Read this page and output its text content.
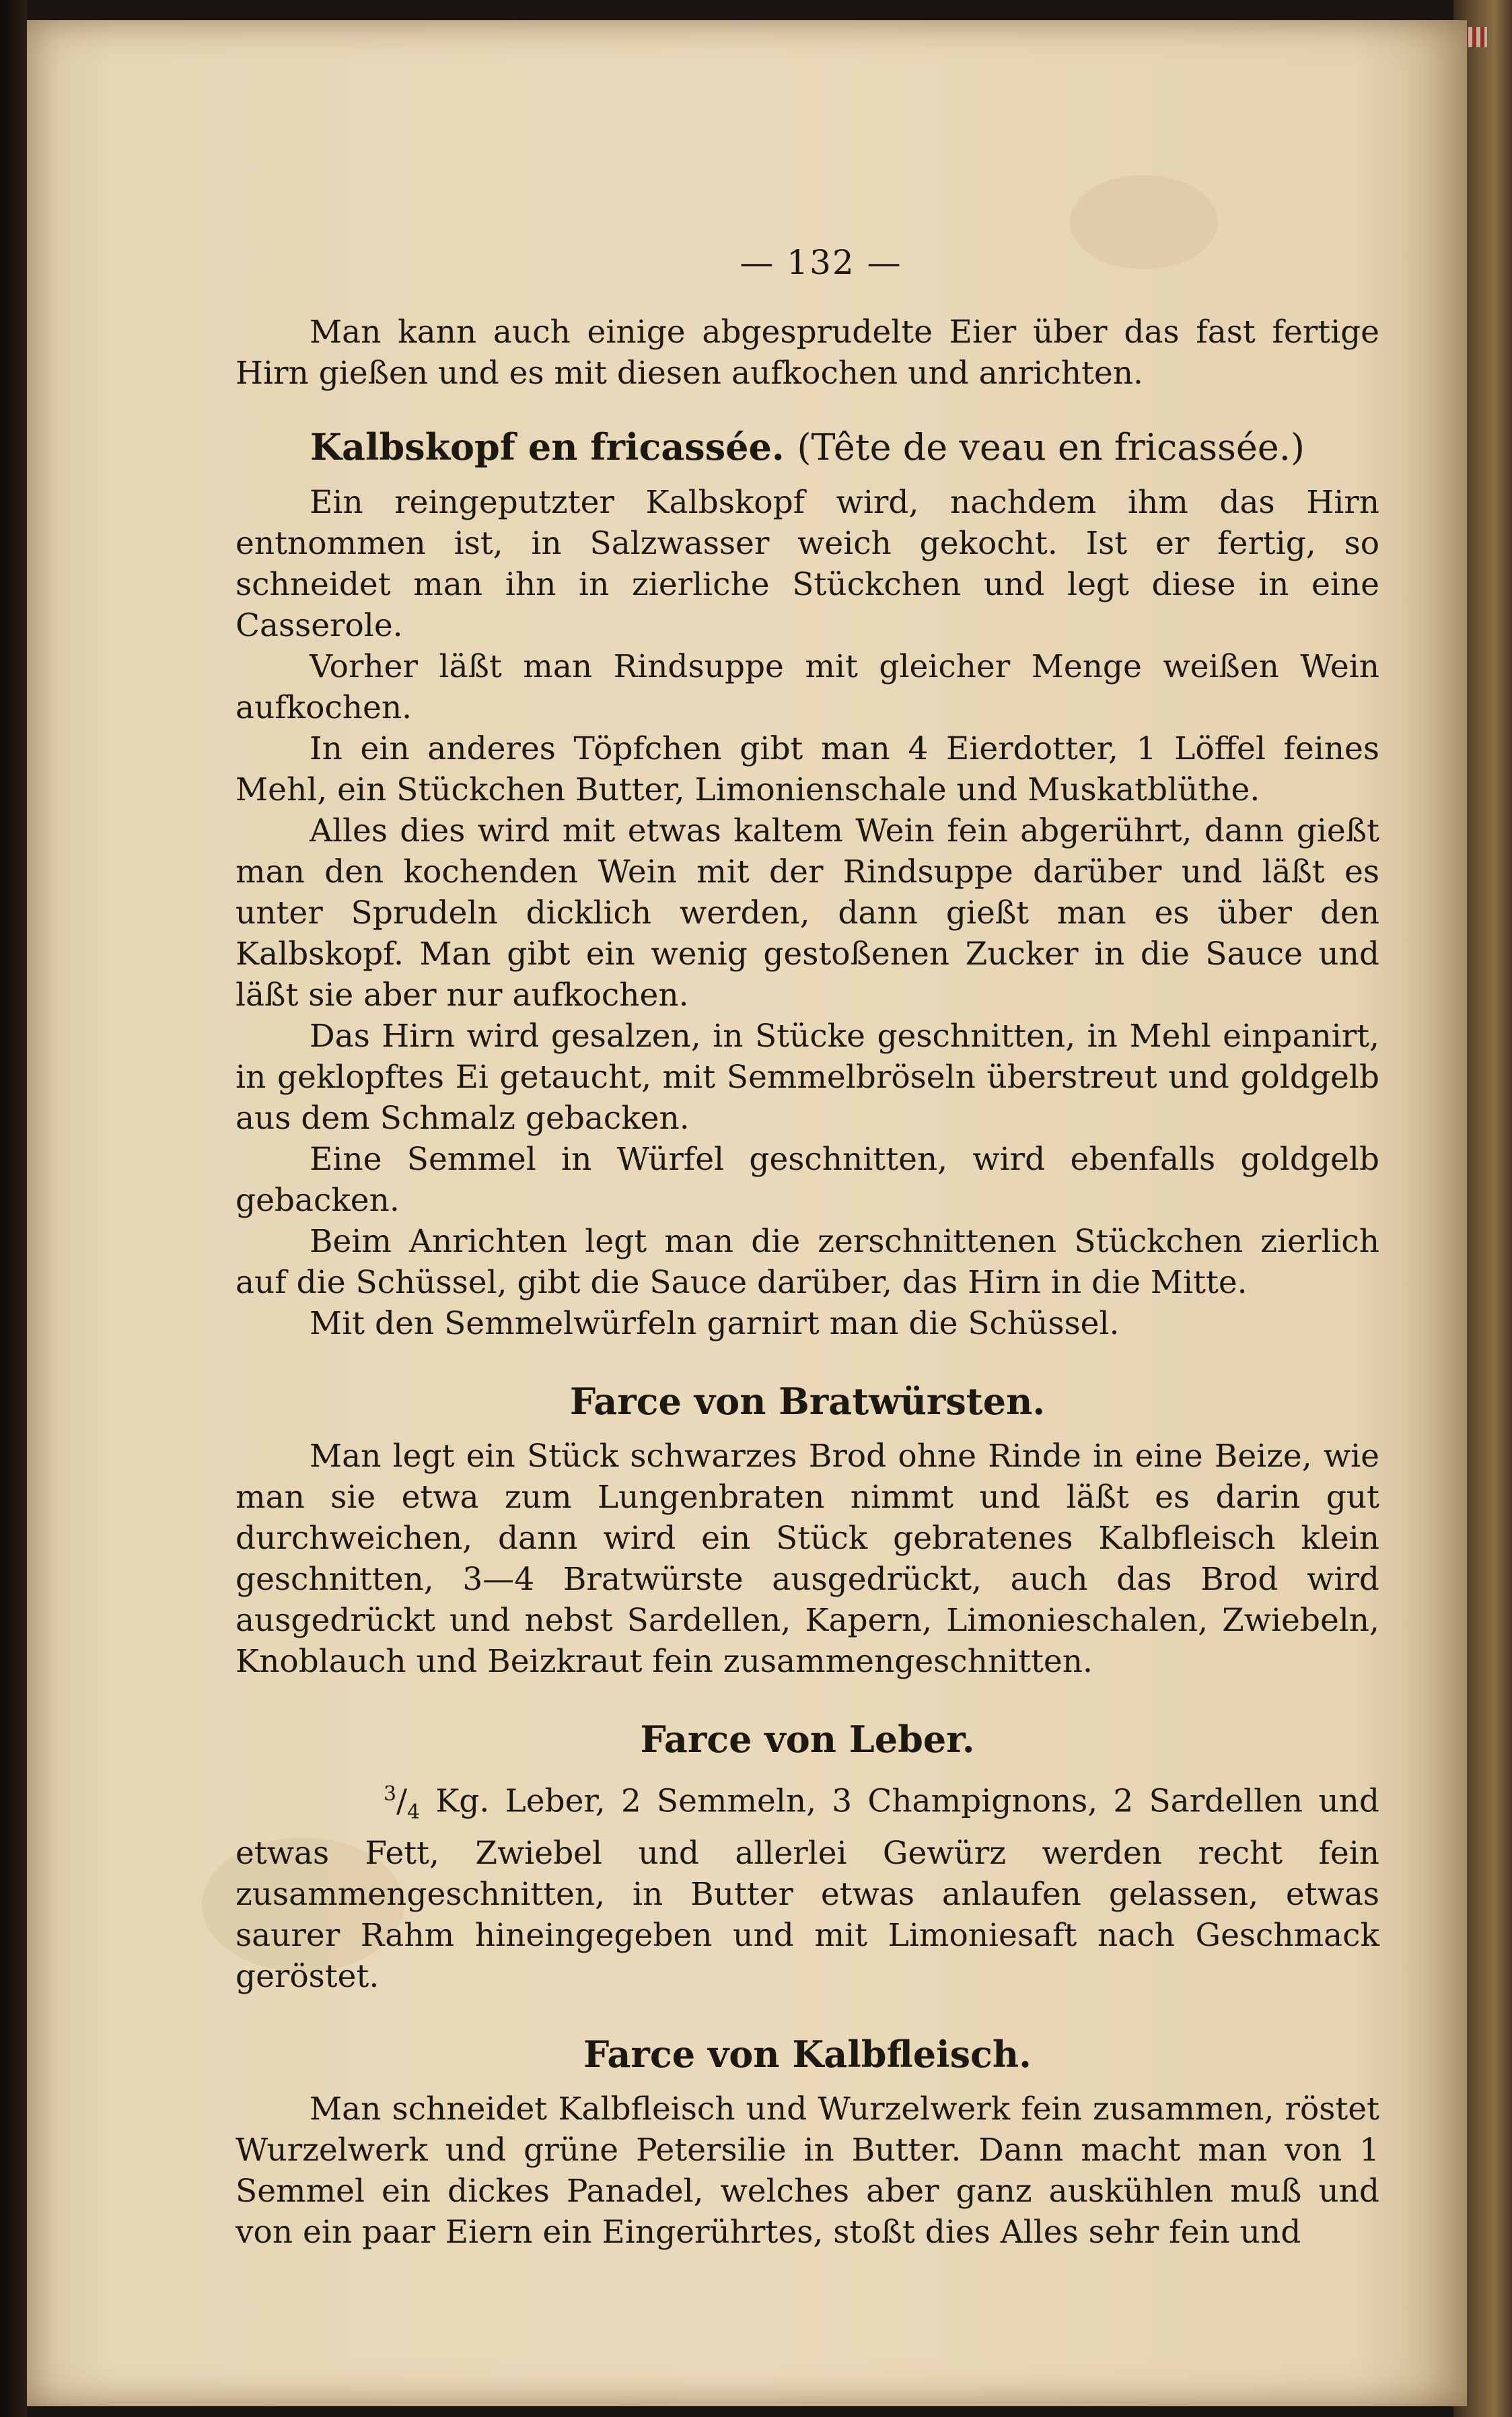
— 132 —

Man kann auch einige abgesprudelte Eier über das fast fertige Hirn gießen und es mit diesen aufkochen und anrichten.

Kalbskopf en fricassée. (Tête de veau en fricassée.)

Ein reingeputzter Kalbskopf wird, nachdem ihm das Hirn entnommen ist, in Salzwasser weich gekocht. Ist er fertig, so schneidet man ihn in zierliche Stückchen und legt diese in eine Casserole.

Vorher läßt man Rindsuppe mit gleicher Menge weißen Wein aufkochen.

In ein anderes Töpfchen gibt man 4 Eierdotter, 1 Löffel feines Mehl, ein Stückchen Butter, Limonienschale und Muskatblüthe.

Alles dies wird mit etwas kaltem Wein fein abgerührt, dann gießt man den kochenden Wein mit der Rindsuppe darüber und läßt es unter Sprudeln dicklich werden, dann gießt man es über den Kalbskopf. Man gibt ein wenig gestoßenen Zucker in die Sauce und läßt sie aber nur aufkochen.

Das Hirn wird gesalzen, in Stücke geschnitten, in Mehl einpanirt, in geklopftes Ei getaucht, mit Semmelbröseln überstreut und goldgelb aus dem Schmalz gebacken.

Eine Semmel in Würfel geschnitten, wird ebenfalls goldgelb gebacken.

Beim Anrichten legt man die zerschnittenen Stückchen zierlich auf die Schüssel, gibt die Sauce darüber, das Hirn in die Mitte.

Mit den Semmelwürfeln garnirt man die Schüssel.

Farce von Bratwürsten.

Man legt ein Stück schwarzes Brod ohne Rinde in eine Beize, wie man sie etwa zum Lungenbraten nimmt und läßt es darin gut durchweichen, dann wird ein Stück gebratenes Kalbfleisch klein geschnitten, 3—4 Bratwürste ausgedrückt, auch das Brod wird ausgedrückt und nebst Sardellen, Kapern, Limonieschalen, Zwiebeln, Knoblauch und Beizkraut fein zusammengeschnitten.

Farce von Leber.

$^3/_4$ Kg. Leber, 2 Semmeln, 3 Champignons, 2 Sardellen und etwas Fett, Zwiebel und allerlei Gewürz werden recht fein zusammengeschnitten, in Butter etwas anlaufen gelassen, etwas saurer Rahm hineingegeben und mit Limoniesaft nach Geschmack geröstet.

Farce von Kalbfleisch.

Man schneidet Kalbfleisch und Wurzelwerk fein zusammen, röstet Wurzelwerk und grüne Petersilie in Butter. Dann macht man von 1 Semmel ein dickes Panadel, welches aber ganz auskühlen muß und von ein paar Eiern ein Eingerührtes, stoßt dies Alles sehr fein und
